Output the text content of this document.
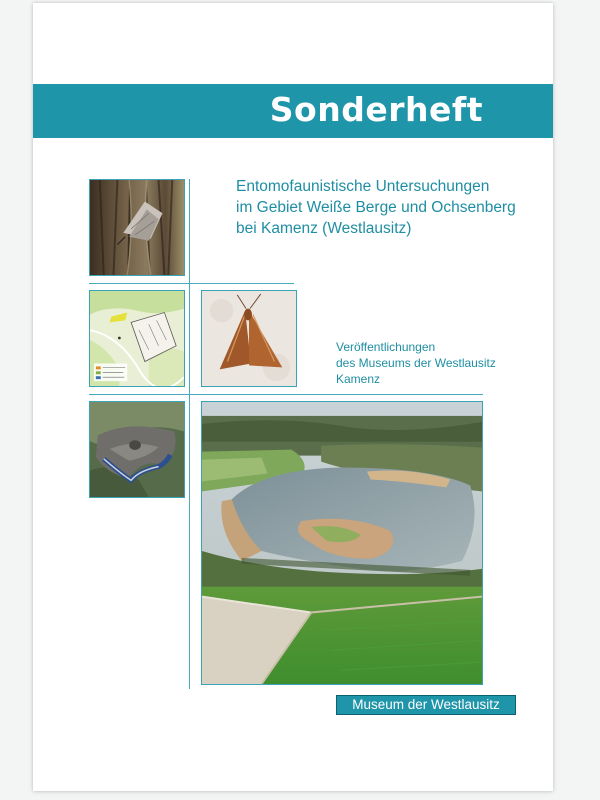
Sonderheft
Entomofaunistische Untersuchungen
im Gebiet Weiße Berge und Ochsenberg
bei Kamenz (Westlausitz)
Veröffentlichungen
des Museums der Westlausitz
Kamenz
Museum der Westlausitz
